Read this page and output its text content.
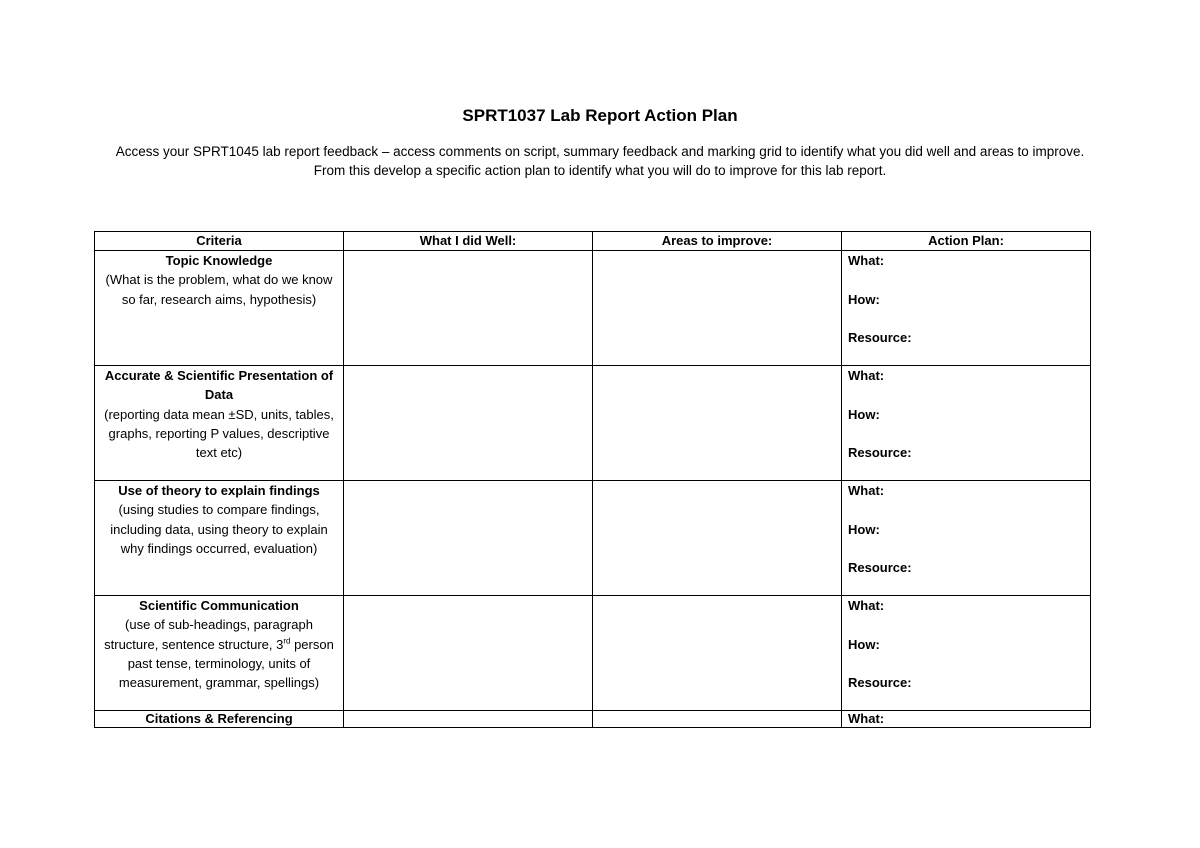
SPRT1037 Lab Report Action Plan
Access your SPRT1045 lab report feedback – access comments on script, summary feedback and marking grid to identify what you did well and areas to improve. From this develop a specific action plan to identify what you will do to improve for this lab report.
Criteria	What I did Well:	Areas to improve:	Action Plan:

Topic Knowledge
(What is the problem, what do we know so far, research aims, hypothesis)			What:
How:
Resource:

Accurate & Scientific Presentation of Data
(reporting data mean ±SD, units, tables, graphs, reporting P values, descriptive text etc)			What:
How:
Resource:

Use of theory to explain findings
(using studies to compare findings, including data, using theory to explain why findings occurred, evaluation)			What:
How:
Resource:

Scientific Communication
(use of sub-headings, paragraph structure, sentence structure, 3rd person past tense, terminology, units of measurement, grammar, spellings)			What:
How:
Resource:

Citations & Referencing			What:
